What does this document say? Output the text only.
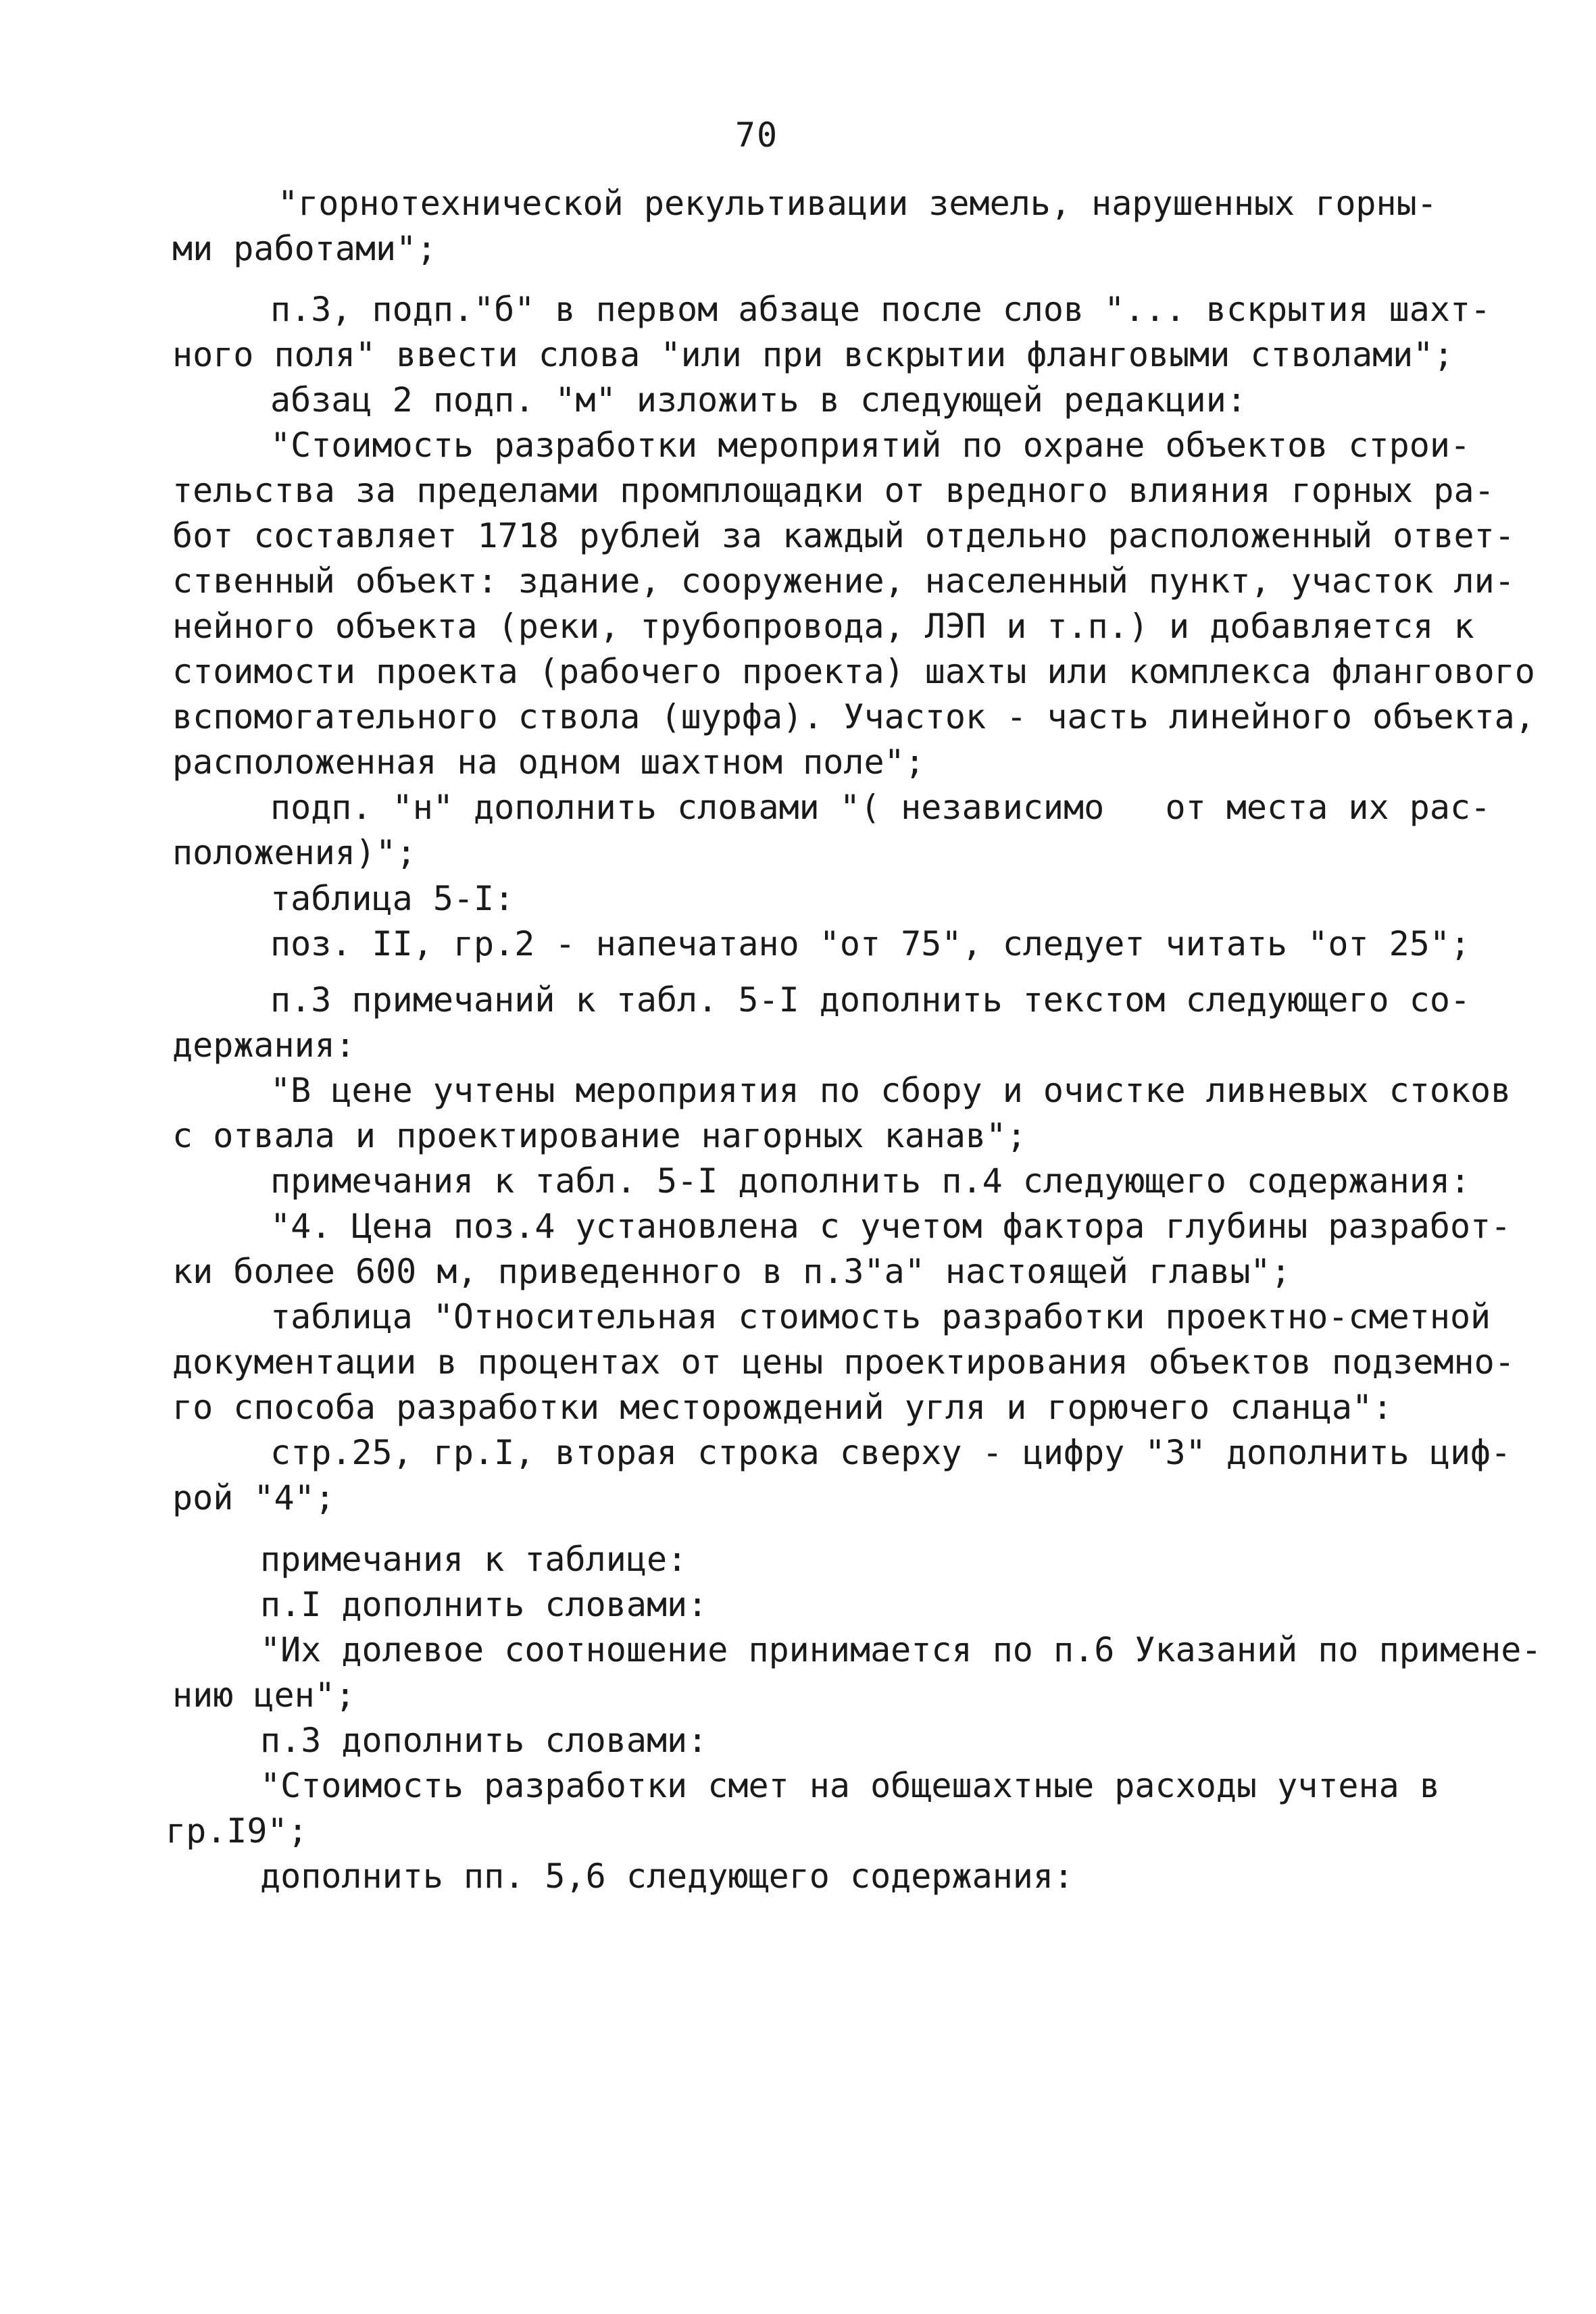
70
"горнотехнической рекультивации земель, нарушенных горны-
ми работами";
п.3, подп."б" в первом абзаце после слов "... вскрытия шахт-
ного поля" ввести слова "или при вскрытии фланговыми стволами";
абзац 2 подп. "м" изложить в следующей редакции:
"Стоимость разработки мероприятий по охране объектов строи-
тельства за пределами промплощадки от вредного влияния горных ра-
бот составляет 1718 рублей за каждый отдельно расположенный ответ-
ственный объект: здание, сооружение, населенный пункт, участок ли-
нейного объекта (реки, трубопровода, ЛЭП и т.п.) и добавляется к
стоимости проекта (рабочего проекта) шахты или комплекса флангового
вспомогательного ствола (шурфа). Участок - часть линейного объекта,
расположенная на одном шахтном поле";
подп. "н" дополнить словами "( независимо   от места их рас-
положения)";
таблица 5-I:
поз. II, гр.2 - напечатано "от 75", следует читать "от 25";
п.3 примечаний к табл. 5-I дополнить текстом следующего со-
держания:
"В цене учтены мероприятия по сбору и очистке ливневых стоков
с отвала и проектирование нагорных канав";
примечания к табл. 5-I дополнить п.4 следующего содержания:
"4. Цена поз.4 установлена с учетом фактора глубины разработ-
ки более 600 м, приведенного в п.3"а" настоящей главы";
таблица "Относительная стоимость разработки проектно-сметной
документации в процентах от цены проектирования объектов подземно-
го способа разработки месторождений угля и горючего сланца":
стр.25, гр.I, вторая строка сверху - цифру "3" дополнить циф-
рой "4";
примечания к таблице:
п.I дополнить словами:
"Их долевое соотношение принимается по п.6 Указаний по примене-
нию цен";
п.3 дополнить словами:
"Стоимость разработки смет на общешахтные расходы учтена в
гр.I9";
дополнить пп. 5,6 следующего содержания:
